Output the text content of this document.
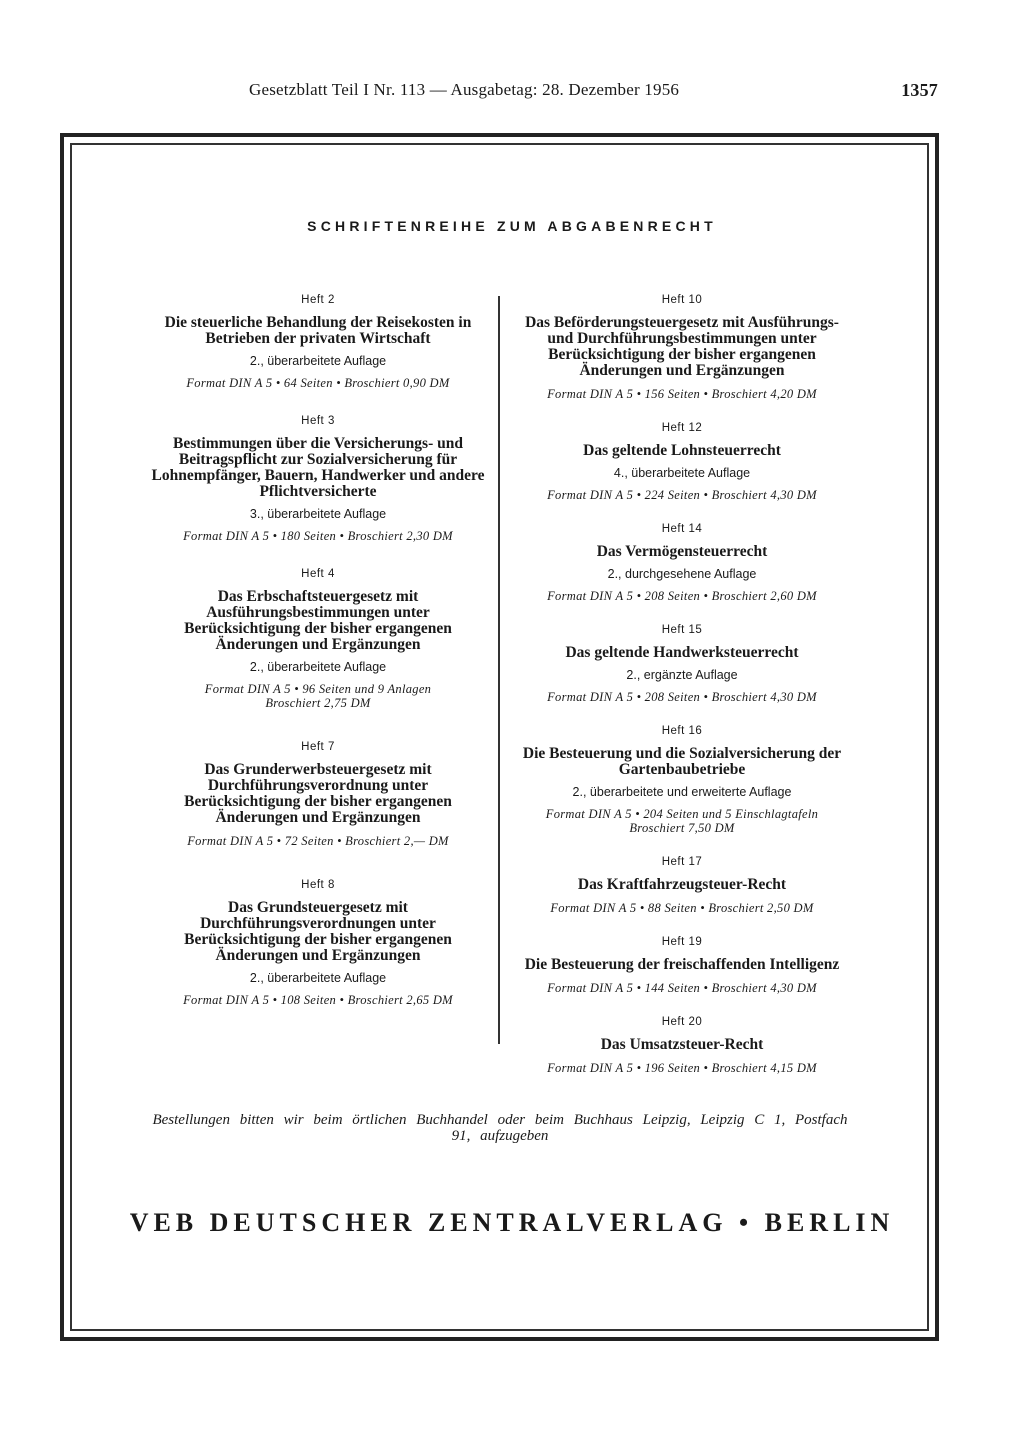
Gesetzblatt Teil I Nr. 113 — Ausgabetag: 28. Dezember 1956	1357
SCHRIFTENREIHE ZUM ABGABENRECHT
Heft 2
Die steuerliche Behandlung der Reisekosten in Betrieben der privaten Wirtschaft
2., überarbeitete Auflage
Format DIN A 5 • 64 Seiten • Broschiert 0,90 DM
Heft 3
Bestimmungen über die Versicherungs- und Beitragspflicht zur Sozialversicherung für Lohnempfänger, Bauern, Handwerker und andere Pflichtversicherte
3., überarbeitete Auflage
Format DIN A 5 • 180 Seiten • Broschiert 2,30 DM
Heft 4
Das Erbschaftsteuergesetz mit Ausführungsbestimmungen unter Berücksichtigung der bisher ergangenen Änderungen und Ergänzungen
2., überarbeitete Auflage
Format DIN A 5 • 96 Seiten und 9 Anlagen
Broschiert 2,75 DM
Heft 7
Das Grunderwerbsteuergesetz mit Durchführungsverordnung unter Berücksichtigung der bisher ergangenen Änderungen und Ergänzungen
Format DIN A 5 • 72 Seiten • Broschiert 2,— DM
Heft 8
Das Grundsteuergesetz mit Durchführungsverordnungen unter Berücksichtigung der bisher ergangenen Änderungen und Ergänzungen
2., überarbeitete Auflage
Format DIN A 5 • 108 Seiten • Broschiert 2,65 DM
Heft 10
Das Beförderungsteuergesetz mit Ausführungs- und Durchführungsbestimmungen unter Berücksichtigung der bisher ergangenen Änderungen und Ergänzungen
Format DIN A 5 • 156 Seiten • Broschiert 4,20 DM
Heft 12
Das geltende Lohnsteuerrecht
4., überarbeitete Auflage
Format DIN A 5 • 224 Seiten • Broschiert 4,30 DM
Heft 14
Das Vermögensteuerrecht
2., durchgesehene Auflage
Format DIN A 5 • 208 Seiten • Broschiert 2,60 DM
Heft 15
Das geltende Handwerksteuerrecht
2., ergänzte Auflage
Format DIN A 5 • 208 Seiten • Broschiert 4,30 DM
Heft 16
Die Besteuerung und die Sozialversicherung der Gartenbaubetriebe
2., überarbeitete und erweiterte Auflage
Format DIN A 5 • 204 Seiten und 5 Einschlagtafeln
Broschiert 7,50 DM
Heft 17
Das Kraftfahrzeugsteuer-Recht
Format DIN A 5 • 88 Seiten • Broschiert 2,50 DM
Heft 19
Die Besteuerung der freischaffenden Intelligenz
Format DIN A 5 • 144 Seiten • Broschiert 4,30 DM
Heft 20
Das Umsatzsteuer-Recht
Format DIN A 5 • 196 Seiten • Broschiert 4,15 DM
Bestellungen bitten wir beim örtlichen Buchhandel oder beim Buchhaus Leipzig, Leipzig C 1, Postfach 91, aufzugeben
VEB DEUTSCHER ZENTRALVERLAG • BERLIN
